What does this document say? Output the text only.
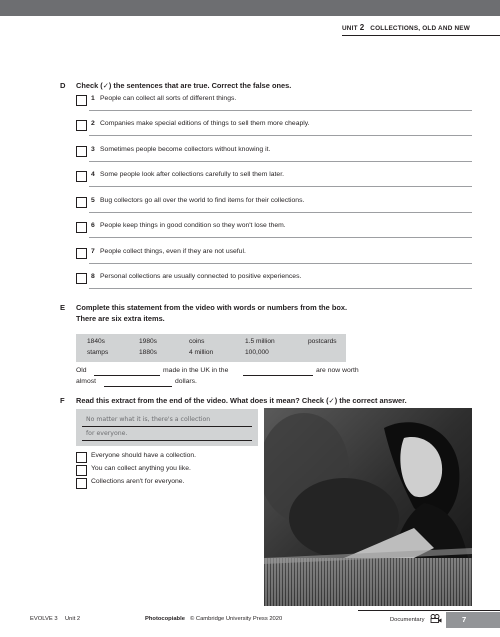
UNIT 2 COLLECTIONS, OLD AND NEW
D Check (✓) the sentences that are true. Correct the false ones.
1 People can collect all sorts of different things.
2 Companies make special editions of things to sell them more cheaply.
3 Sometimes people become collectors without knowing it.
4 Some people look after collections carefully to sell them later.
5 Bug collectors go all over the world to find items for their collections.
6 People keep things in good condition so they won't lose them.
7 People collect things, even if they are not useful.
8 Personal collections are usually connected to positive experiences.
E Complete this statement from the video with words or numbers from the box.
There are six extra items.
1840s	1980s	coins	1.5 million	postcards
stamps	1880s	4 million	100,000
Old	made in the UK in the	are now worth
almost	dollars.
F Read this extract from the end of the video. What does it mean? Check (✓) the correct answer.
No matter what it is, there's a collection
for everyone.
Everyone should have a collection.
You can collect anything you like.
Collections aren't for everyone.
EVOLVE 3 Unit 2	Photocopiable © Cambridge University Press 2020	Documentary	7
